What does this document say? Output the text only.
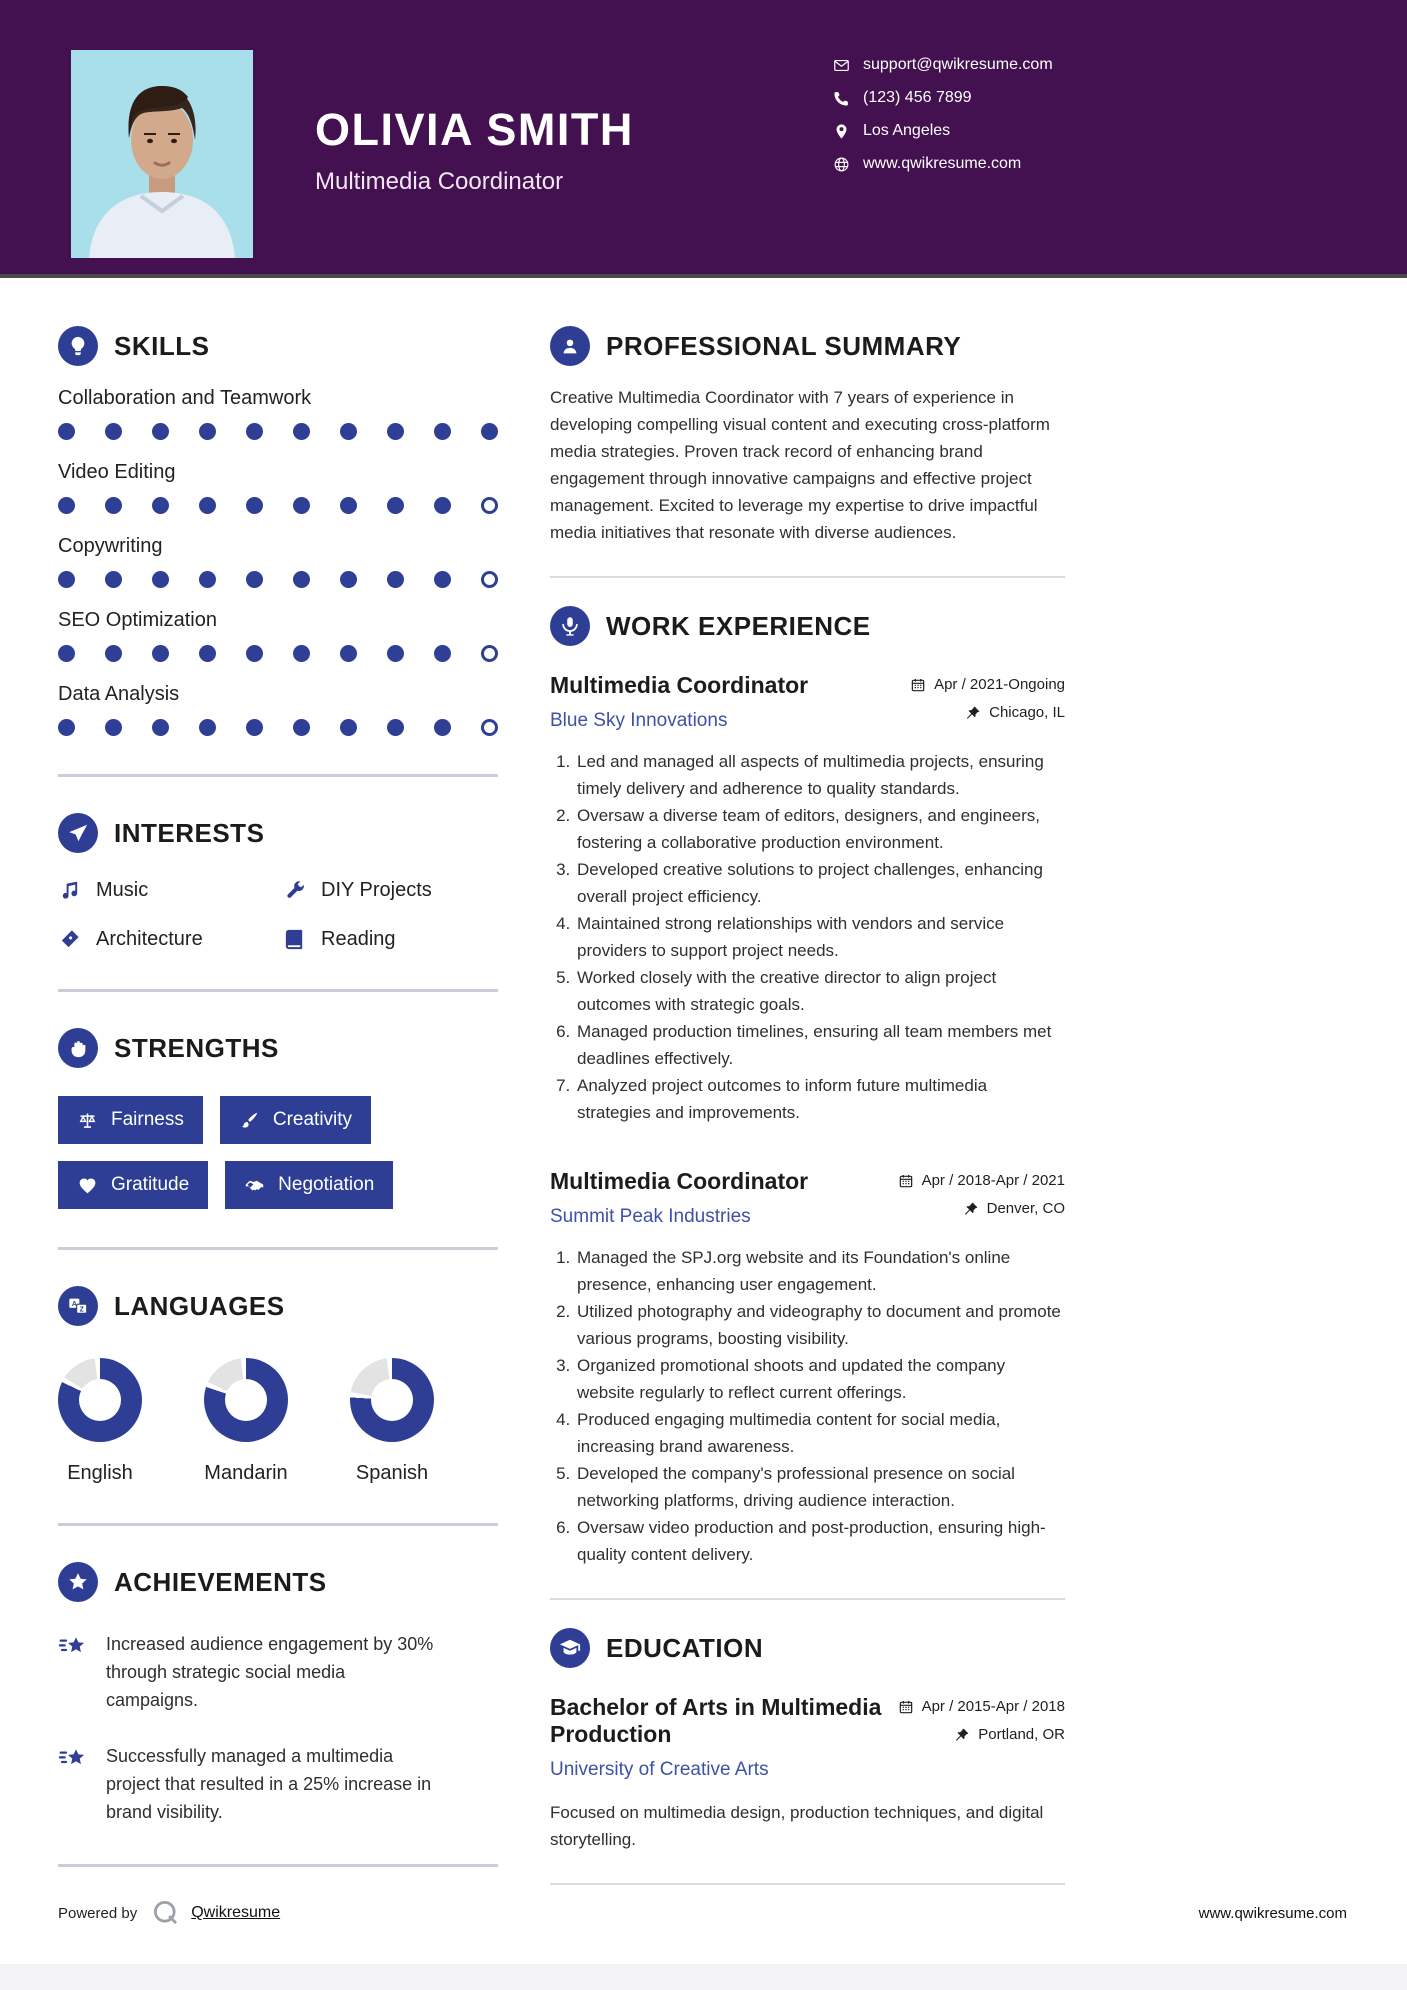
OLIVIA SMITH
Multimedia Coordinator
support@qwikresume.com
(123) 456 7899
Los Angeles
www.qwikresume.com
SKILLS
Collaboration and Teamwork
Video Editing
Copywriting
SEO Optimization
Data Analysis
INTERESTS
Music	DIY Projects
Architecture	Reading
STRENGTHS
Fairness	Creativity
Gratitude	Negotiation
A
Z LANGUAGES
English	Mandarin	Spanish
ACHIEVEMENTS

Increased audience engagement by 30% through strategic social media campaigns.

Successfully managed a multimedia project that resulted in a 25% increase in brand visibility.

PROFESSIONAL SUMMARY

Creative Multimedia Coordinator with 7 years of experience in developing compelling visual content and executing cross-platform media strategies. Proven track record of enhancing brand engagement through innovative campaigns and effective project management. Excited to leverage my expertise to drive impactful media initiatives that resonate with diverse audiences.

WORK EXPERIENCE
Multimedia Coordinator
Blue Sky Innovations
Apr / 2021-Ongoing
Chicago, IL
1. Led and managed all aspects of multimedia projects, ensuring timely delivery and adherence to quality standards.
2. Oversaw a diverse team of editors, designers, and engineers, fostering a collaborative production environment.
3. Developed creative solutions to project challenges, enhancing overall project efficiency.
4. Maintained strong relationships with vendors and service providers to support project needs.
5. Worked closely with the creative director to align project outcomes with strategic goals.
6. Managed production timelines, ensuring all team members met deadlines effectively.
7. Analyzed project outcomes to inform future multimedia strategies and improvements.
Multimedia Coordinator
Summit Peak Industries
Apr / 2018-Apr / 2021
Denver, CO
1. Managed the SPJ.org website and its Foundation's online presence, enhancing user engagement.
2. Utilized photography and videography to document and promote various programs, boosting visibility.
3. Organized promotional shoots and updated the company website regularly to reflect current offerings.
4. Produced engaging multimedia content for social media, increasing brand awareness.
5. Developed the company's professional presence on social networking platforms, driving audience interaction.
6. Oversaw video production and post-production, ensuring high-quality content delivery.
EDUCATION
Bachelor of Arts in Multimedia Production
University of Creative Arts
Apr / 2015-Apr / 2018
Portland, OR

Focused on multimedia design, production techniques, and digital storytelling.

Powered by	Qwikresume	www.qwikresume.com
